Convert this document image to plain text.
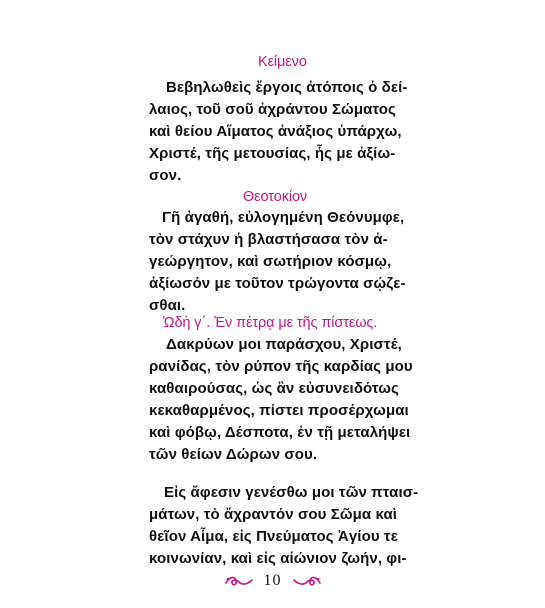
Κείμενο
Βεβηλωθεὶς ἔργοις ἀτόποις ὁ δεί-
λαιος, τοῦ σοῦ ἀχράντου Σώματος
καὶ θείου Αἵματος ἀνάξιος ὑπάρχω,
Χριστέ, τῆς μετουσίας, ἧς με ἀξίω-
σον.
Θεοτοκίον
Γῆ ἀγαθή, εὐλογημένη Θεόνυμφε,
τὸν στάχυν ἡ βλαστήσασα τὸν ἀ-
γεώργητον, καὶ σωτήριον κόσμῳ,
ἀξίωσόν με τοῦτον τρώγοντα σῴζε-
σθαι.
Ὠδὴ γ΄. Ἐν πέτρᾳ με τῆς πίστεως.
Δακρύων μοι παράσχου, Χριστέ,
ρανίδας, τὸν ρύπον τῆς καρδίας μου
καθαιρούσας, ὡς ἂν εὐσυνειδότως
κεκαθαρμένος, πίστει προσέρχωμαι
καὶ φόβῳ, Δέσποτα, ἐν τῇ μεταλήψει
τῶν θείων Δώρων σου.
Εἰς ἄφεσιν γενέσθω μοι τῶν πταισ-
μάτων, τὸ ἄχραντόν σου Σῶμα καὶ
θεῖον Αἷμα, εἰς Πνεύματος Ἁγίου τε
κοινωνίαν, καὶ εἰς αἰώνιον ζωήν, φι-
10
